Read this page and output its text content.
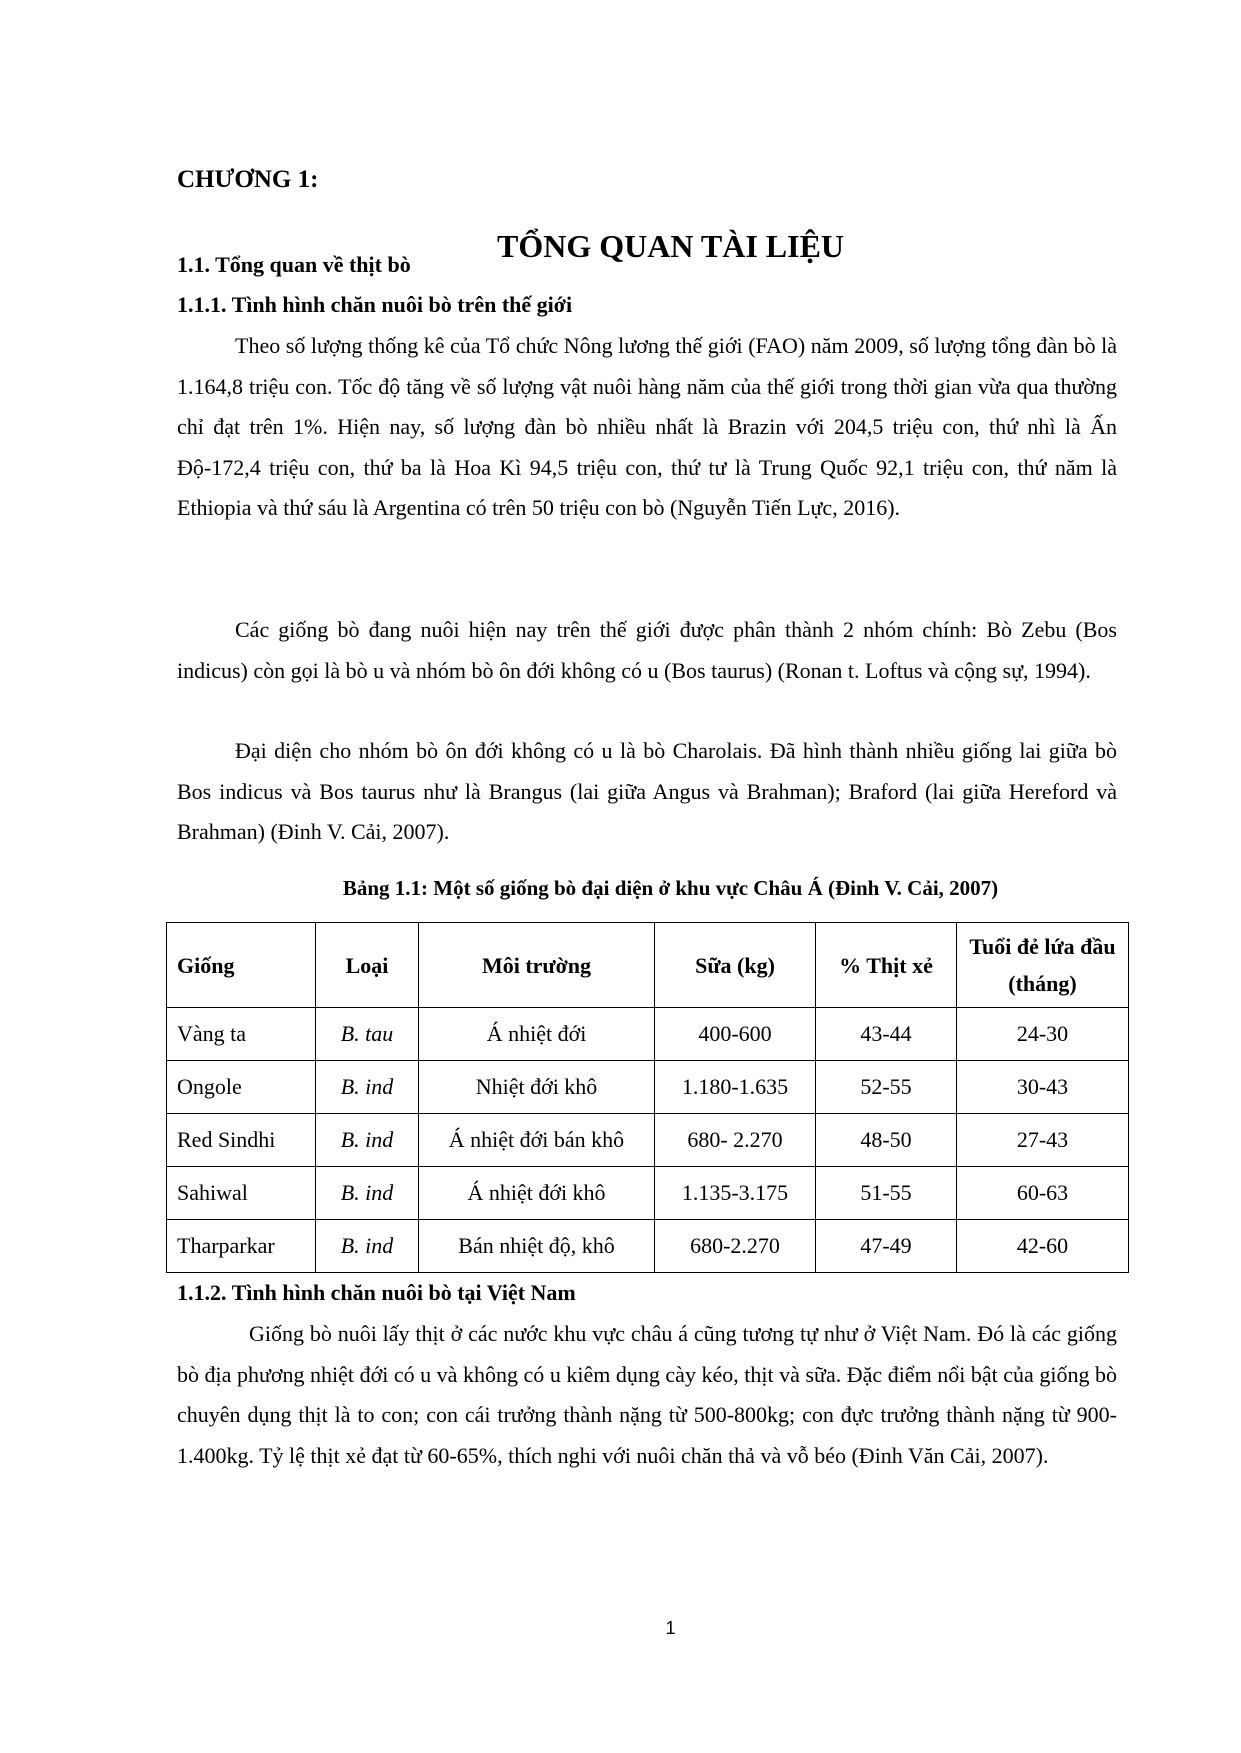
CHƯƠNG 1:
TỔNG QUAN TÀI LIỆU
1.1. Tổng quan về thịt bò
1.1.1. Tình hình chăn nuôi bò trên thế giới

Theo số lượng thống kê của Tổ chức Nông lương thế giới (FAO) năm 2009, số lượng tổng đàn bò là 1.164,8 triệu con. Tốc độ tăng về số lượng vật nuôi hàng năm của thế giới trong thời gian vừa qua thường chỉ đạt trên 1%. Hiện nay, số lượng đàn bò nhiều nhất là Brazin với 204,5 triệu con, thứ nhì là Ấn Độ-172,4 triệu con, thứ ba là Hoa Kì 94,5 triệu con, thứ tư là Trung Quốc 92,1 triệu con, thứ năm là Ethiopia và thứ sáu là Argentina có trên 50 triệu con bò (Nguyễn Tiến Lực, 2016).

Các giống bò đang nuôi hiện nay trên thế giới được phân thành 2 nhóm chính: Bò Zebu (Bos indicus) còn gọi là bò u và nhóm bò ôn đới không có u (Bos taurus) (Ronan t. Loftus và cộng sự, 1994).

Đại diện cho nhóm bò ôn đới không có u là bò Charolais. Đã hình thành nhiều giống lai giữa bò Bos indicus và Bos taurus như là Brangus (lai giữa Angus và Brahman); Braford (lai giữa Hereford và Brahman) (Đinh V. Cải, 2007).

Bảng 1.1: Một số giống bò đại diện ở khu vực Châu Á (Đinh V. Cải, 2007)

Giống	Loại	Môi trường	Sữa (kg)	% Thịt xẻ	Tuổi đẻ lứa đầu (tháng)
Vàng ta	B. tau	Á nhiệt đới	400-600	43-44	24-30
Ongole	B. ind	Nhiệt đới khô	1.180-1.635	52-55	30-43
Red Sindhi	B. ind	Á nhiệt đới bán khô	680- 2.270	48-50	27-43
Sahiwal	B. ind	Á nhiệt đới khô	1.135-3.175	51-55	60-63
Tharparkar	B. ind	Bán nhiệt độ, khô	680-2.270	47-49	42-60
1.1.2. Tình hình chăn nuôi bò tại Việt Nam

Giống bò nuôi lấy thịt ở các nước khu vực châu á cũng tương tự như ở Việt Nam. Đó là các giống bò địa phương nhiệt đới có u và không có u kiêm dụng cày kéo, thịt và sữa. Đặc điểm nổi bật của giống bò chuyên dụng thịt là to con; con cái trưởng thành nặng từ 500-800kg; con đực trưởng thành nặng từ 900-1.400kg. Tỷ lệ thịt xẻ đạt từ 60-65%, thích nghi với nuôi chăn thả và vỗ béo (Đinh Văn Cải, 2007).

1
